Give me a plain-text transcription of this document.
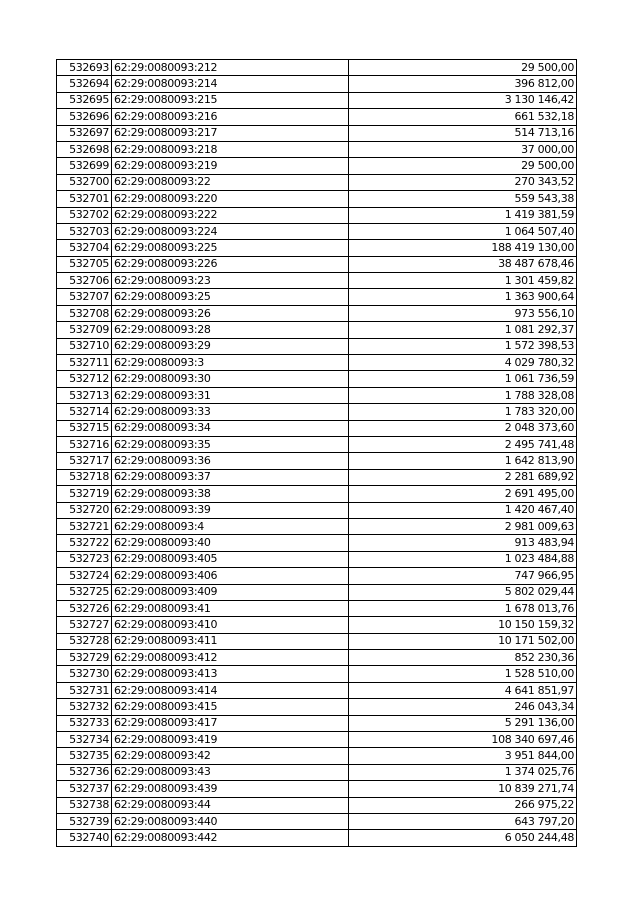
532693	62:29:0080093:212	29 500,00
532694	62:29:0080093:214	396 812,00
532695	62:29:0080093:215	3 130 146,42
532696	62:29:0080093:216	661 532,18
532697	62:29:0080093:217	514 713,16
532698	62:29:0080093:218	37 000,00
532699	62:29:0080093:219	29 500,00
532700	62:29:0080093:22	270 343,52
532701	62:29:0080093:220	559 543,38
532702	62:29:0080093:222	1 419 381,59
532703	62:29:0080093:224	1 064 507,40
532704	62:29:0080093:225	188 419 130,00
532705	62:29:0080093:226	38 487 678,46
532706	62:29:0080093:23	1 301 459,82
532707	62:29:0080093:25	1 363 900,64
532708	62:29:0080093:26	973 556,10
532709	62:29:0080093:28	1 081 292,37
532710	62:29:0080093:29	1 572 398,53
532711	62:29:0080093:3	4 029 780,32
532712	62:29:0080093:30	1 061 736,59
532713	62:29:0080093:31	1 788 328,08
532714	62:29:0080093:33	1 783 320,00
532715	62:29:0080093:34	2 048 373,60
532716	62:29:0080093:35	2 495 741,48
532717	62:29:0080093:36	1 642 813,90
532718	62:29:0080093:37	2 281 689,92
532719	62:29:0080093:38	2 691 495,00
532720	62:29:0080093:39	1 420 467,40
532721	62:29:0080093:4	2 981 009,63
532722	62:29:0080093:40	913 483,94
532723	62:29:0080093:405	1 023 484,88
532724	62:29:0080093:406	747 966,95
532725	62:29:0080093:409	5 802 029,44
532726	62:29:0080093:41	1 678 013,76
532727	62:29:0080093:410	10 150 159,32
532728	62:29:0080093:411	10 171 502,00
532729	62:29:0080093:412	852 230,36
532730	62:29:0080093:413	1 528 510,00
532731	62:29:0080093:414	4 641 851,97
532732	62:29:0080093:415	246 043,34
532733	62:29:0080093:417	5 291 136,00
532734	62:29:0080093:419	108 340 697,46
532735	62:29:0080093:42	3 951 844,00
532736	62:29:0080093:43	1 374 025,76
532737	62:29:0080093:439	10 839 271,74
532738	62:29:0080093:44	266 975,22
532739	62:29:0080093:440	643 797,20
532740	62:29:0080093:442	6 050 244,48
